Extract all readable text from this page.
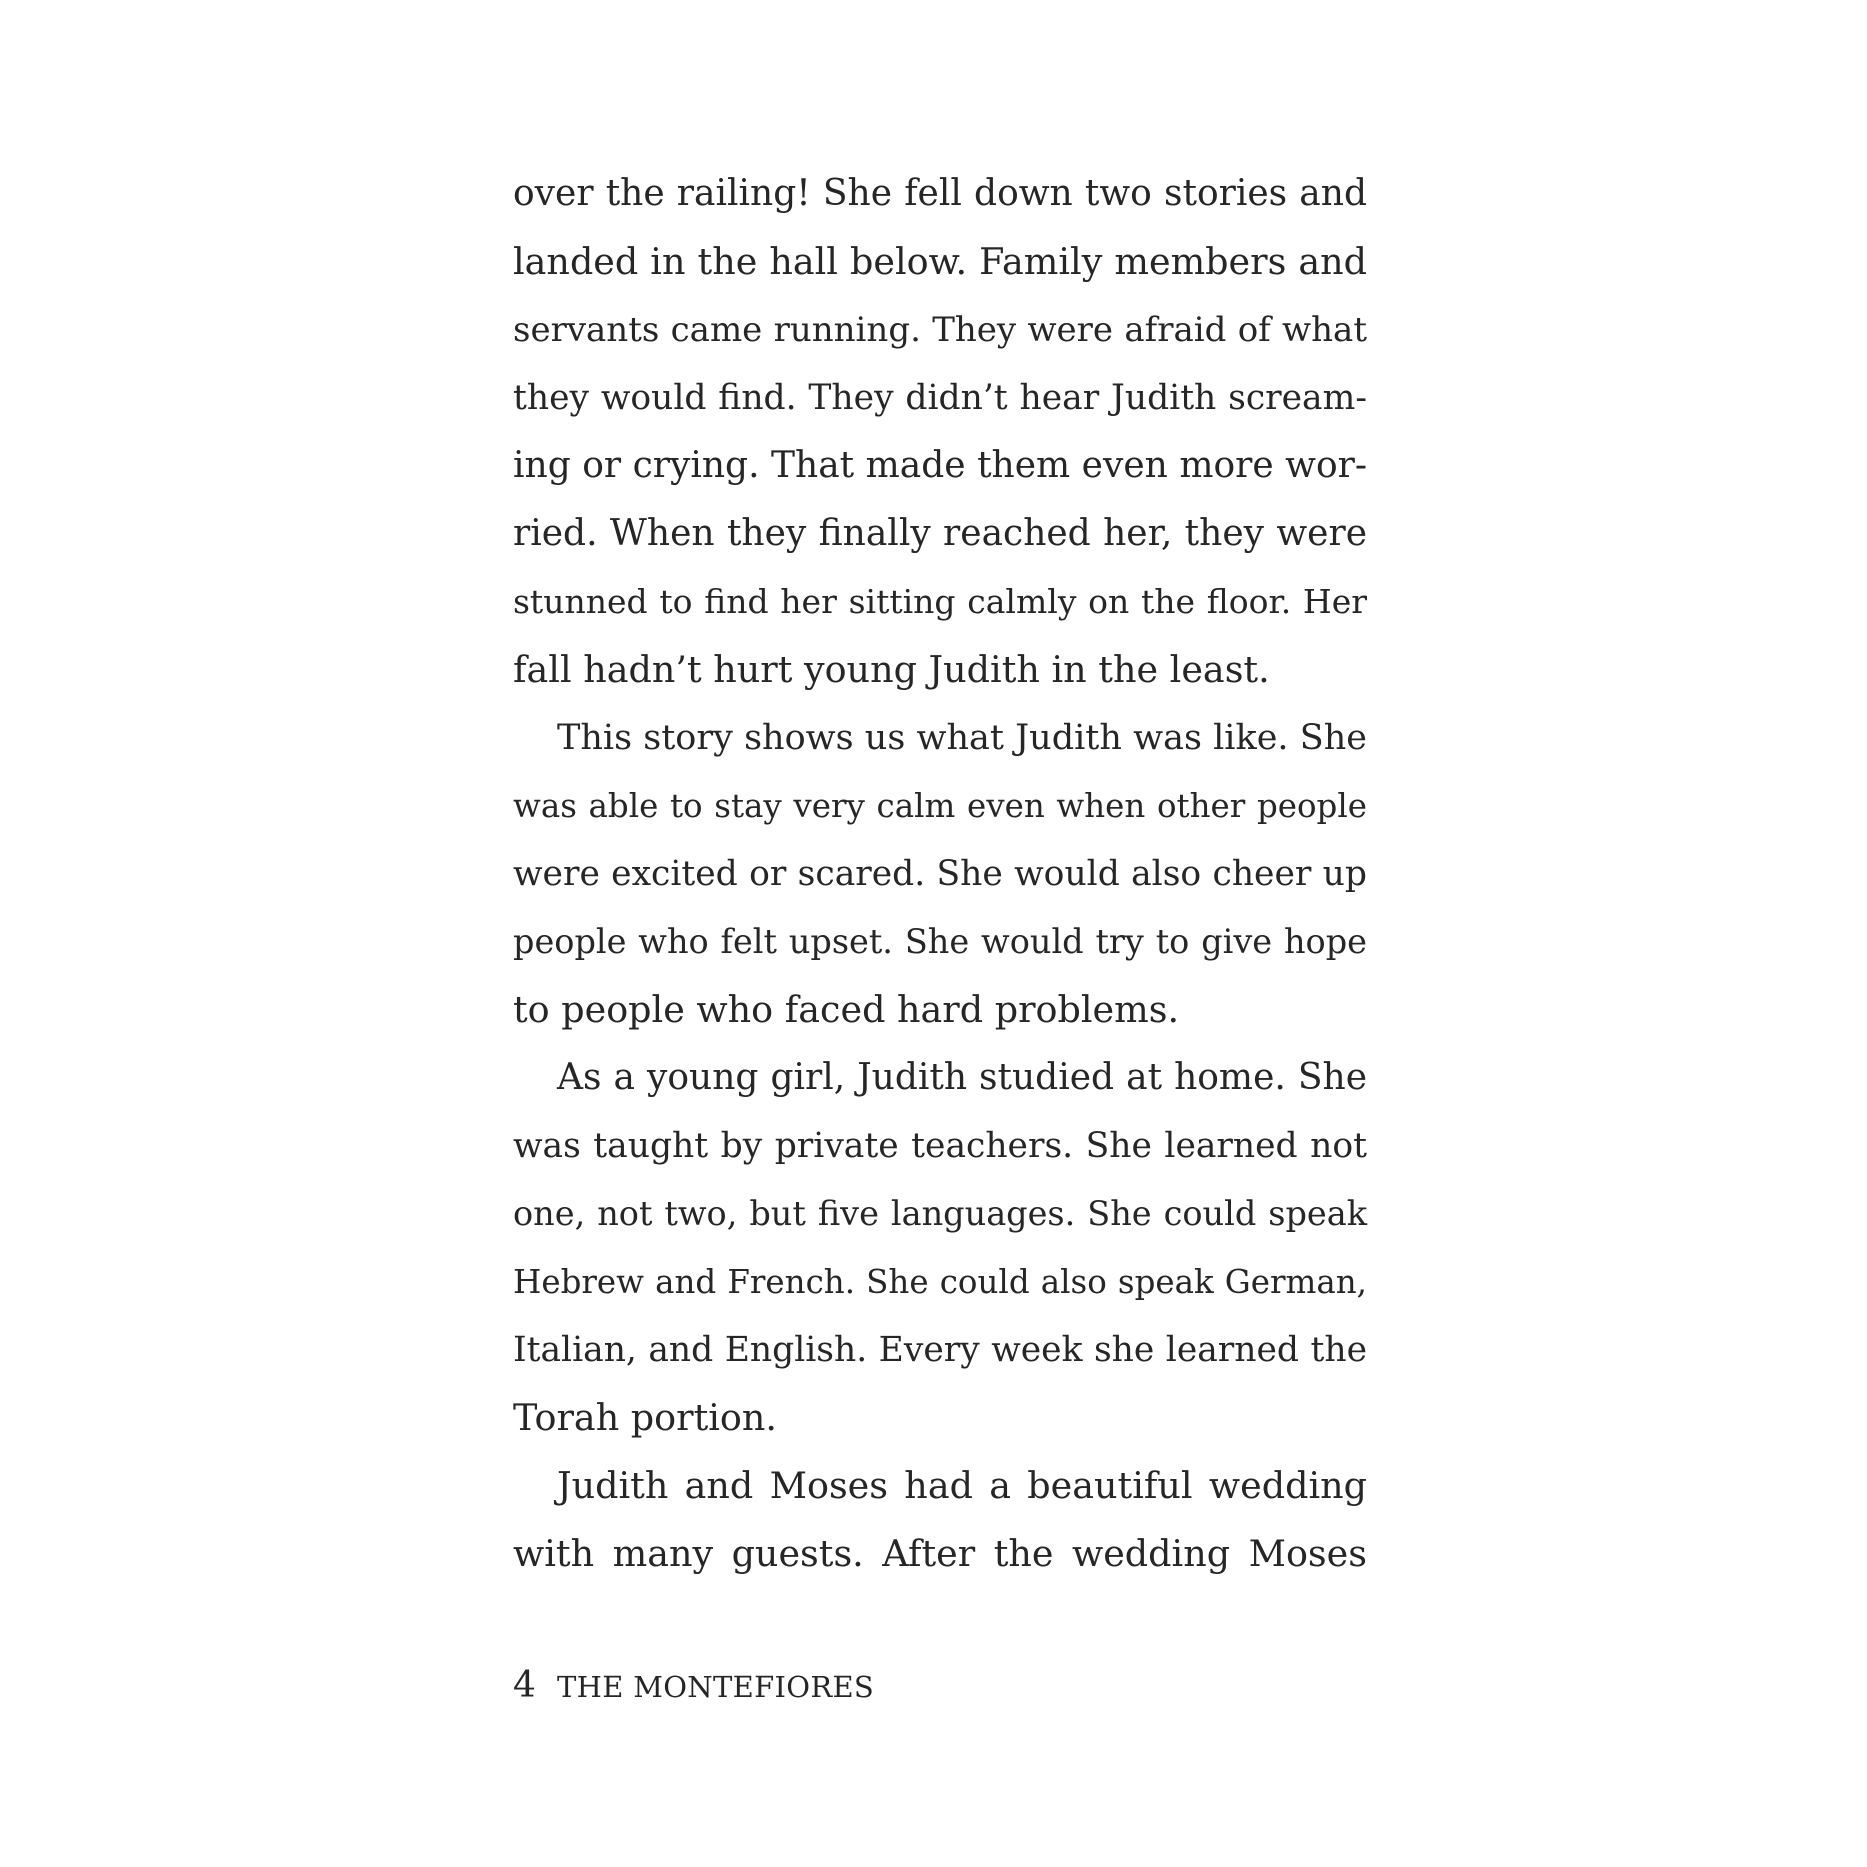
over the railing! She fell down two stories and
landed in the hall below. Family members and
servants came running. They were afraid of what
they would find. They didn’t hear Judith scream-
ing or crying. That made them even more wor-
ried. When they finally reached her, they were
stunned to find her sitting calmly on the floor. Her
fall hadn’t hurt young Judith in the least.
This story shows us what Judith was like. She
was able to stay very calm even when other people
were excited or scared. She would also cheer up
people who felt upset. She would try to give hope
to people who faced hard problems.
As a young girl, Judith studied at home. She
was taught by private teachers. She learned not
one, not two, but five languages. She could speak
Hebrew and French. She could also speak German,
Italian, and English. Every week she learned the
Torah portion.
Judith and Moses had a beautiful wedding
with many guests. After the wedding Moses
4 THE MONTEFIORES
